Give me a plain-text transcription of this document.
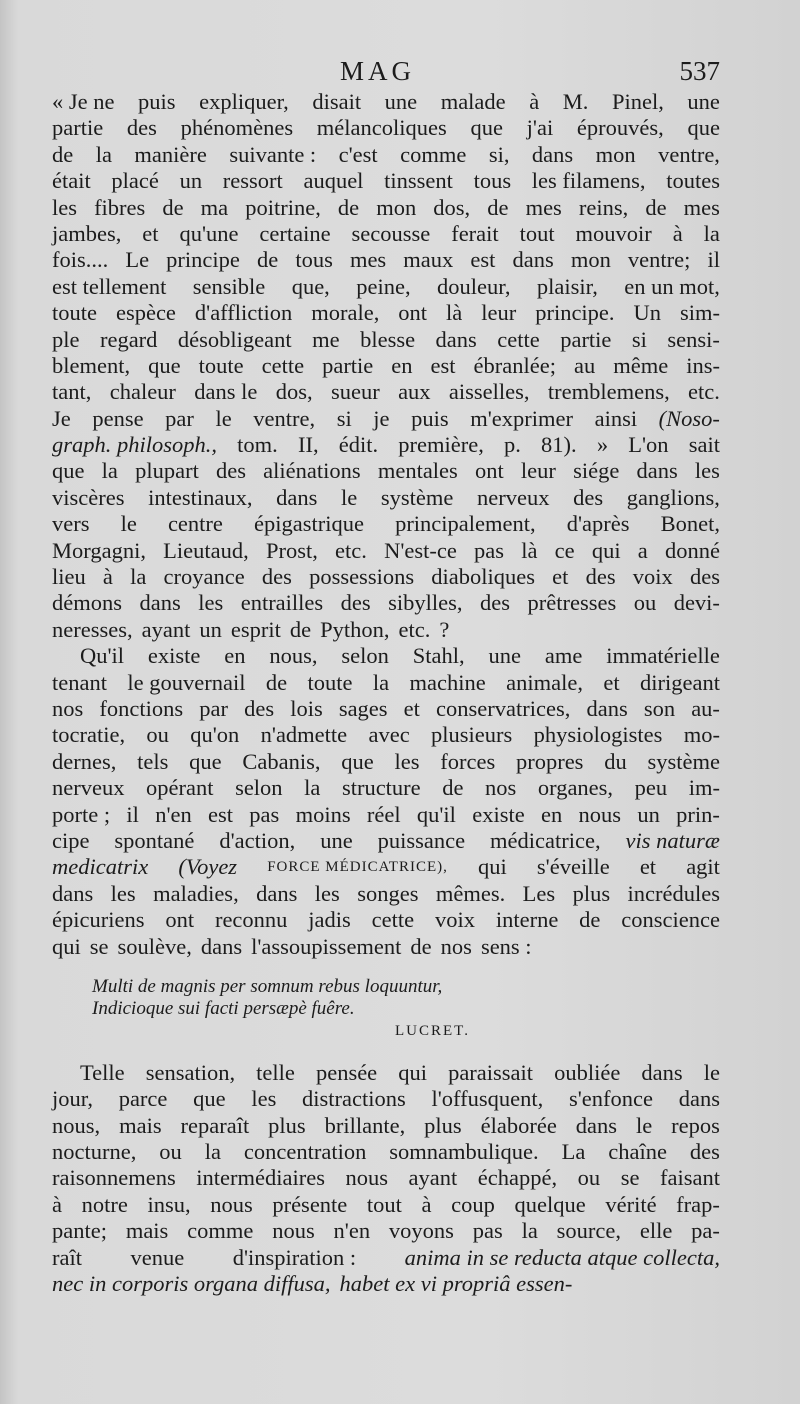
MAG	537
« Je ne puis expliquer, disait une malade à M. Pinel, une
partie des phénomènes mélancoliques que j'ai éprouvés, que
de la manière suivante : c'est comme si, dans mon ventre,
était placé un ressort auquel tinssent tous les filamens, toutes
les fibres de ma poitrine, de mon dos, de mes reins, de mes
jambes, et qu'une certaine secousse ferait tout mouvoir à la
fois.... Le principe de tous mes maux est dans mon ventre; il
est tellement sensible que, peine, douleur, plaisir, en un mot,
toute espèce d'affliction morale, ont là leur principe. Un sim-
ple regard désobligeant me blesse dans cette partie si sensi-
blement, que toute cette partie en est ébranlée; au même ins-
tant, chaleur dans le dos, sueur aux aisselles, tremblemens, etc.
Je pense par le ventre, si je puis m'exprimer ainsi (Noso-
graph. philosoph., tom. II, édit. première, p. 81). » L'on sait
que la plupart des aliénations mentales ont leur siége dans les
viscères intestinaux, dans le système nerveux des ganglions,
vers le centre épigastrique principalement, d'après Bonet,
Morgagni, Lieutaud, Prost, etc. N'est-ce pas là ce qui a donné
lieu à la croyance des possessions diaboliques et des voix des
démons dans les entrailles des sibylles, des prêtresses ou devi-
neresses, ayant un esprit de Python, etc. ?
Qu'il existe en nous, selon Stahl, une ame immatérielle
tenant le gouvernail de toute la machine animale, et dirigeant
nos fonctions par des lois sages et conservatrices, dans son au-
tocratie, ou qu'on n'admette avec plusieurs physiologistes mo-
dernes, tels que Cabanis, que les forces propres du système
nerveux opérant selon la structure de nos organes, peu im-
porte ; il n'en est pas moins réel qu'il existe en nous un prin-
cipe spontané d'action, une puissance médicatrice, vis naturæ
medicatrix (Voyez FORCE MÉDICATRICE), qui s'éveille et agit
dans les maladies, dans les songes mêmes. Les plus incrédules
épicuriens ont reconnu jadis cette voix interne de conscience
qui se soulève, dans l'assoupissement de nos sens :
Multi de magnis per somnum rebus loquuntur,
Indicioque sui facti persæpè fuêre.
LUCRET.
Telle sensation, telle pensée qui paraissait oubliée dans le
jour, parce que les distractions l'offusquent, s'enfonce dans
nous, mais reparaît plus brillante, plus élaborée dans le repos
nocturne, ou la concentration somnambulique. La chaîne des
raisonnemens intermédiaires nous ayant échappé, ou se faisant
à notre insu, nous présente tout à coup quelque vérité frap-
pante; mais comme nous n'en voyons pas la source, elle pa-
raît venue d'inspiration : anima in se reducta atque collecta,
nec in corporis organa diffusa, habet ex vi propriâ essen-
